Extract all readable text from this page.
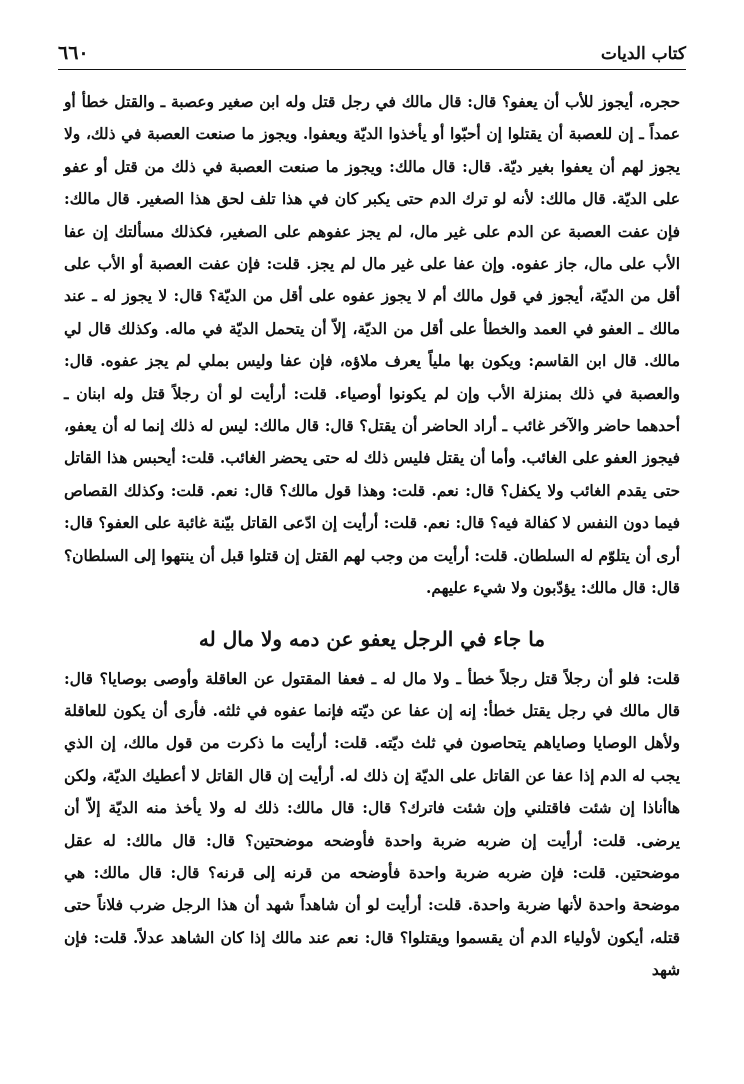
٦٦٠	كتاب الديات

حجره، أيجوز للأب أن يعفو؟ قال: قال مالك في رجل قتل وله ابن صغير وعصبة ـ والقتل خطأ أو عمداً ـ إن للعصبة أن يقتلوا إن أحبّوا أو يأخذوا الديّة ويعفوا. ويجوز ما صنعت العصبة في ذلك، ولا يجوز لهم أن يعفوا بغير ديّة. قال: قال مالك: ويجوز ما صنعت العصبة في ذلك من قتل أو عفو على الديّة. قال مالك: لأنه لو ترك الدم حتى يكبر كان في هذا تلف لحق هذا الصغير. قال مالك: فإن عفت العصبة عن الدم على غير مال، لم يجز عفوهم على الصغير، فكذلك مسألتك إن عفا الأب على مال، جاز عفوه. وإن عفا على غير مال لم يجز. قلت: فإن عفت العصبة أو الأب على أقل من الديّة، أيجوز في قول مالك أم لا يجوز عفوه على أقل من الديّة؟ قال: لا يجوز له ـ عند مالك ـ العفو في العمد والخطأ على أقل من الديّة، إلاّ أن يتحمل الديّة في ماله. وكذلك قال لي مالك. قال ابن القاسم: ويكون بها ملياً يعرف ملاؤه، فإن عفا وليس بملي لم يجز عفوه. قال: والعصبة في ذلك بمنزلة الأب وإن لم يكونوا أوصياء. قلت: أرأيت لو أن رجلاً قتل وله ابنان ـ أحدهما حاضر والآخر غائب ـ أراد الحاضر أن يقتل؟ قال: قال مالك: ليس له ذلك إنما له أن يعفو، فيجوز العفو على الغائب. وأما أن يقتل فليس ذلك له حتى يحضر الغائب. قلت: أيحبس هذا القاتل حتى يقدم الغائب ولا يكفل؟ قال: نعم. قلت: وهذا قول مالك؟ قال: نعم. قلت: وكذلك القصاص فيما دون النفس لا كفالة فيه؟ قال: نعم. قلت: أرأيت إن ادّعى القاتل بيّنة غائبة على العفو؟ قال: أرى أن يتلوّم له السلطان. قلت: أرأيت من وجب لهم القتل إن قتلوا قبل أن ينتهوا إلى السلطان؟ قال: قال مالك: يؤدّبون ولا شيء عليهم.

ما جاء في الرجل يعفو عن دمه ولا مال له

قلت: فلو أن رجلاً قتل رجلاً خطأ ـ ولا مال له ـ فعفا المقتول عن العاقلة وأوصى بوصايا؟ قال: قال مالك في رجل يقتل خطأ: إنه إن عفا عن ديّته فإنما عفوه في ثلثه. فأرى أن يكون للعاقلة ولأهل الوصايا وصاياهم يتحاصون في ثلث ديّته. قلت: أرأيت ما ذكرت من قول مالك، إن الذي يجب له الدم إذا عفا عن القاتل على الديّة إن ذلك له. أرأيت إن قال القاتل لا أعطيك الديّة، ولكن هاأناذا إن شئت فاقتلني وإن شئت فاترك؟ قال: قال مالك: ذلك له ولا يأخذ منه الديّة إلاّ أن يرضى. قلت: أرأيت إن ضربه ضربة واحدة فأوضحه موضحتين؟ قال: قال مالك: له عقل موضحتين. قلت: فإن ضربه ضربة واحدة فأوضحه من قرنه إلى قرنه؟ قال: قال مالك: هي موضحة واحدة لأنها ضربة واحدة. قلت: أرأيت لو أن شاهداً شهد أن هذا الرجل ضرب فلاناً حتى قتله، أيكون لأولياء الدم أن يقسموا ويقتلوا؟ قال: نعم عند مالك إذا كان الشاهد عدلاً. قلت: فإن شهد
